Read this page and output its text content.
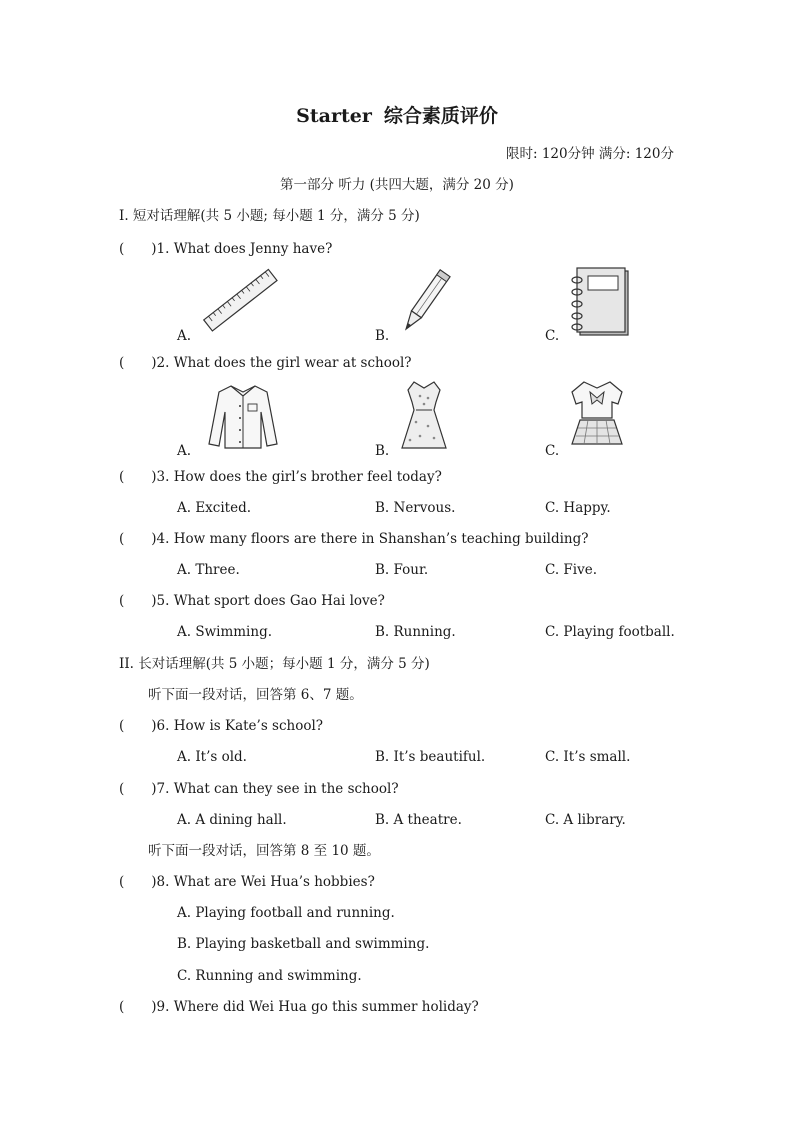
Starter 综合素质评价
限时: 120分钟 满分: 120分
第一部分 听力 (共四大题，满分 20 分)
I. 短对话理解(共 5 小题; 每小题 1 分，满分 5 分)
(　　)1. What does Jenny have?
A.	B.	C.
(　　)2. What does the girl wear at school?
A.	B.	C.
(　　)3. How does the girl’s brother feel today?
A. Excited.	B. Nervous.	C. Happy.
(　　)4. How many floors are there in Shanshan’s teaching building?
A. Three.	B. Four.	C. Five.
(　　)5. What sport does Gao Hai love?
A. Swimming.	B. Running.	C. Playing football.
II. 长对话理解(共 5 小题；每小题 1 分，满分 5 分)
听下面一段对话，回答第 6、7 题。
(　　)6. How is Kate’s school?
A. It’s old.	B. It’s beautiful.	C. It’s small.
(　　)7. What can they see in the school?
A. A dining hall.	B. A theatre.	C. A library.
听下面一段对话，回答第 8 至 10 题。
(　　)8. What are Wei Hua’s hobbies?
A. Playing football and running.
B. Playing basketball and swimming.
C. Running and swimming.
(　　)9. Where did Wei Hua go this summer holiday?
